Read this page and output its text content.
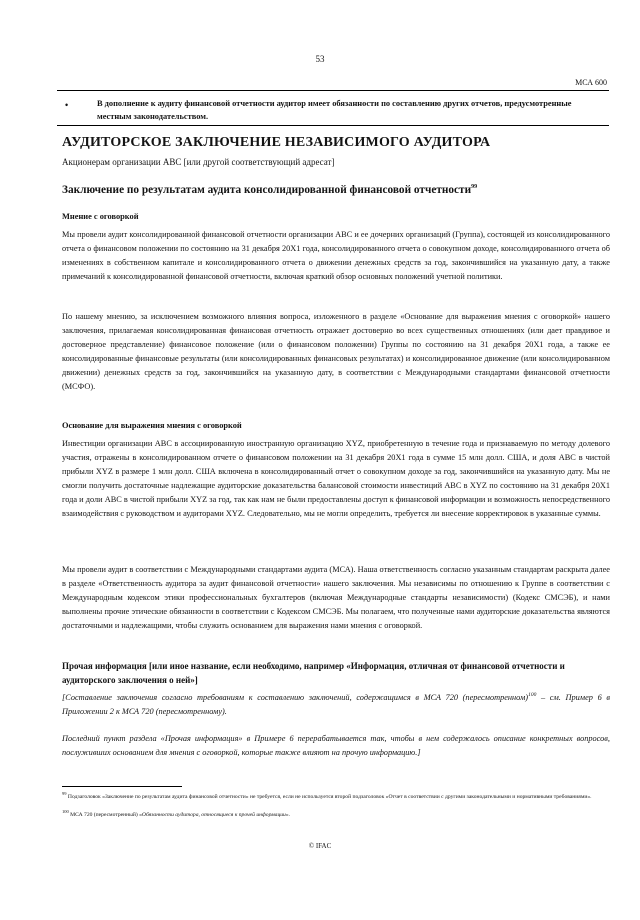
53
МСА 600
•	В дополнение к аудиту финансовой отчетности аудитор имеет обязанности по составлению других отчетов, предусмотренные местным законодательством.
АУДИТОРСКОЕ ЗАКЛЮЧЕНИЕ НЕЗАВИСИМОГО АУДИТОРА
Акционерам организации ABC [или другой соответствующий адресат]
Заключение по результатам аудита консолидированной финансовой отчетности$^{99}$
Мнение с оговоркой

Мы провели аудит консолидированной финансовой отчетности организации ABC и ее дочерних организаций (Группа), состоящей из консолидированного отчета о финансовом положении по состоянию на 31 декабря 20X1 года, консолидированного отчета о совокупном доходе, консолидированного отчета об изменениях в собственном капитале и консолидированного отчета о движении денежных средств за год, закончившийся на указанную дату, а также примечаний к консолидированной финансовой отчетности, включая краткий обзор основных положений учетной политики.

По нашему мнению, за исключением возможного влияния вопроса, изложенного в разделе «Основание для выражения мнения с оговоркой» нашего заключения, прилагаемая консолидированная финансовая отчетность отражает достоверно во всех существенных отношениях (или дает правдивое и достоверное представление) финансовое положение (или о финансовом положении) Группы по состоянию на 31 декабря 20X1 года, а также ее консолидированные финансовые результаты (или консолидированных финансовых результатах) и консолидированное движение (или консолидированном движении) денежных средств за год, закончившийся на указанную дату, в соответствии с Международными стандартами финансовой отчетности (МСФО).

Основание для выражения мнения с оговоркой

Инвестиции организации ABC в ассоциированную иностранную организацию XYZ, приобретенную в течение года и признаваемую по методу долевого участия, отражены в консолидированном отчете о финансовом положении на 31 декабря 20X1 года в сумме 15 млн долл. США, и доля ABC в чистой прибыли XYZ в размере 1 млн долл. США включена в консолидированный отчет о совокупном доходе за год, закончившийся на указанную дату. Мы не смогли получить достаточные надлежащие аудиторские доказательства балансовой стоимости инвестиций ABC в XYZ по состоянию на 31 декабря 20X1 года и доли ABC в чистой прибыли XYZ за год, так как нам не были предоставлены доступ к финансовой информации и возможность непосредственного взаимодействия с руководством и аудиторами XYZ. Следовательно, мы не могли определить, требуется ли внесение корректировок в указанные суммы.

Мы провели аудит в соответствии с Международными стандартами аудита (МСА). Наша ответственность согласно указанным стандартам раскрыта далее в разделе «Ответственность аудитора за аудит финансовой отчетности» нашего заключения. Мы независимы по отношению к Группе в соответствии с Международным кодексом этики профессиональных бухгалтеров (включая Международные стандарты независимости) (Кодекс СМСЭБ), и нами выполнены прочие этические обязанности в соответствии с Кодексом СМСЭБ. Мы полагаем, что полученные нами аудиторские доказательства являются достаточными и надлежащими, чтобы служить основанием для выражения нами мнения с оговоркой.

Прочая информация [или иное название, если необходимо, например «Информация, отличная от финансовой отчетности и аудиторского заключения о ней»]

[Составление заключения согласно требованиям к составлению заключений, содержащимся в МСА 720 (пересмотренном)$^{100}$ – см. Пример 6 в Приложении 2 к МСА 720 (пересмотренному).

Последний пункт раздела «Прочая информация» в Примере 6 перерабатывается так, чтобы в нем содержалось описание конкретных вопросов, послуживших основанием для мнения с оговоркой, которые также влияют на прочую информацию.]

$^{99}$ Подзаголовок «Заключение по результатам аудита финансовой отчетности» не требуется, если не используется второй подзаголовок «Отчет в соответствии с другими законодательными и нормативными требованиями».

$^{100}$ МСА 720 (пересмотренный) «Обязанности аудитора, относящиеся к прочей информации».

© IFAC
